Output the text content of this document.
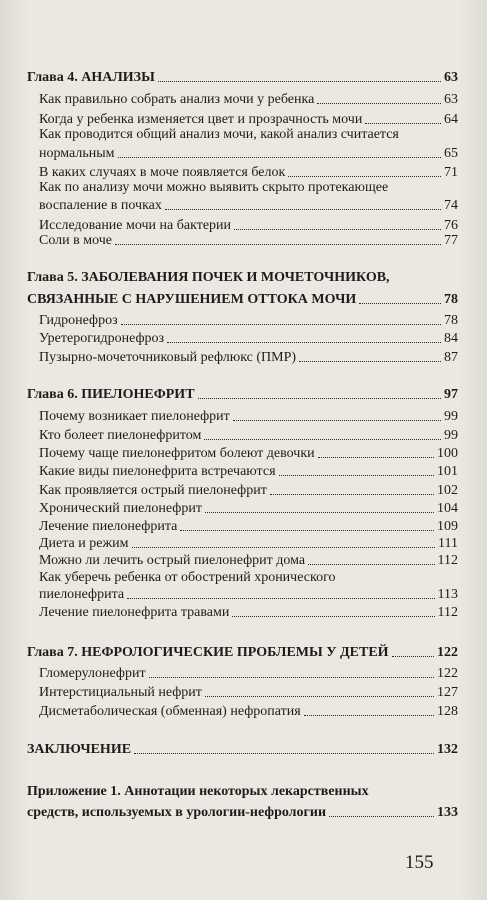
Глава 4. АНАЛИЗЫ	63
Как правильно собрать анализ мочи у ребенка	63
Когда у ребенка изменяется цвет и прозрачность мочи	64
Как проводится общий анализ мочи, какой анализ считается
нормальным	65
В каких случаях в моче появляется белок	71
Как по анализу мочи можно выявить скрыто протекающее
воспаление в почках	74
Исследование мочи на бактерии	76
Соли в моче	77
Глава 5. ЗАБОЛЕВАНИЯ ПОЧЕК И МОЧЕТОЧНИКОВ,
СВЯЗАННЫЕ С НАРУШЕНИЕМ ОТТОКА МОЧИ	78
Гидронефроз	78
Уретерогидронефроз	84
Пузырно-мочеточниковый рефлюкс (ПМР)	87
Глава 6. ПИЕЛОНЕФРИТ	97
Почему возникает пиелонефрит	99
Кто болеет пиелонефритом	99
Почему чаще пиелонефритом болеют девочки	100
Какие виды пиелонефрита встречаются	101
Как проявляется острый пиелонефрит	102
Хронический пиелонефрит	104
Лечение пиелонефрита	109
Диета и режим	111
Можно ли лечить острый пиелонефрит дома	112
Как уберечь ребенка от обострений хронического
пиелонефрита	113
Лечение пиелонефрита травами	112
Глава 7. НЕФРОЛОГИЧЕСКИЕ ПРОБЛЕМЫ У ДЕТЕЙ	122
Гломерулонефрит	122
Интерстициальный нефрит	127
Дисметаболическая (обменная) нефропатия	128
ЗАКЛЮЧЕНИЕ	132
Приложение 1. Аннотации некоторых лекарственных
средств, используемых в урологии-нефрологии	133
155
